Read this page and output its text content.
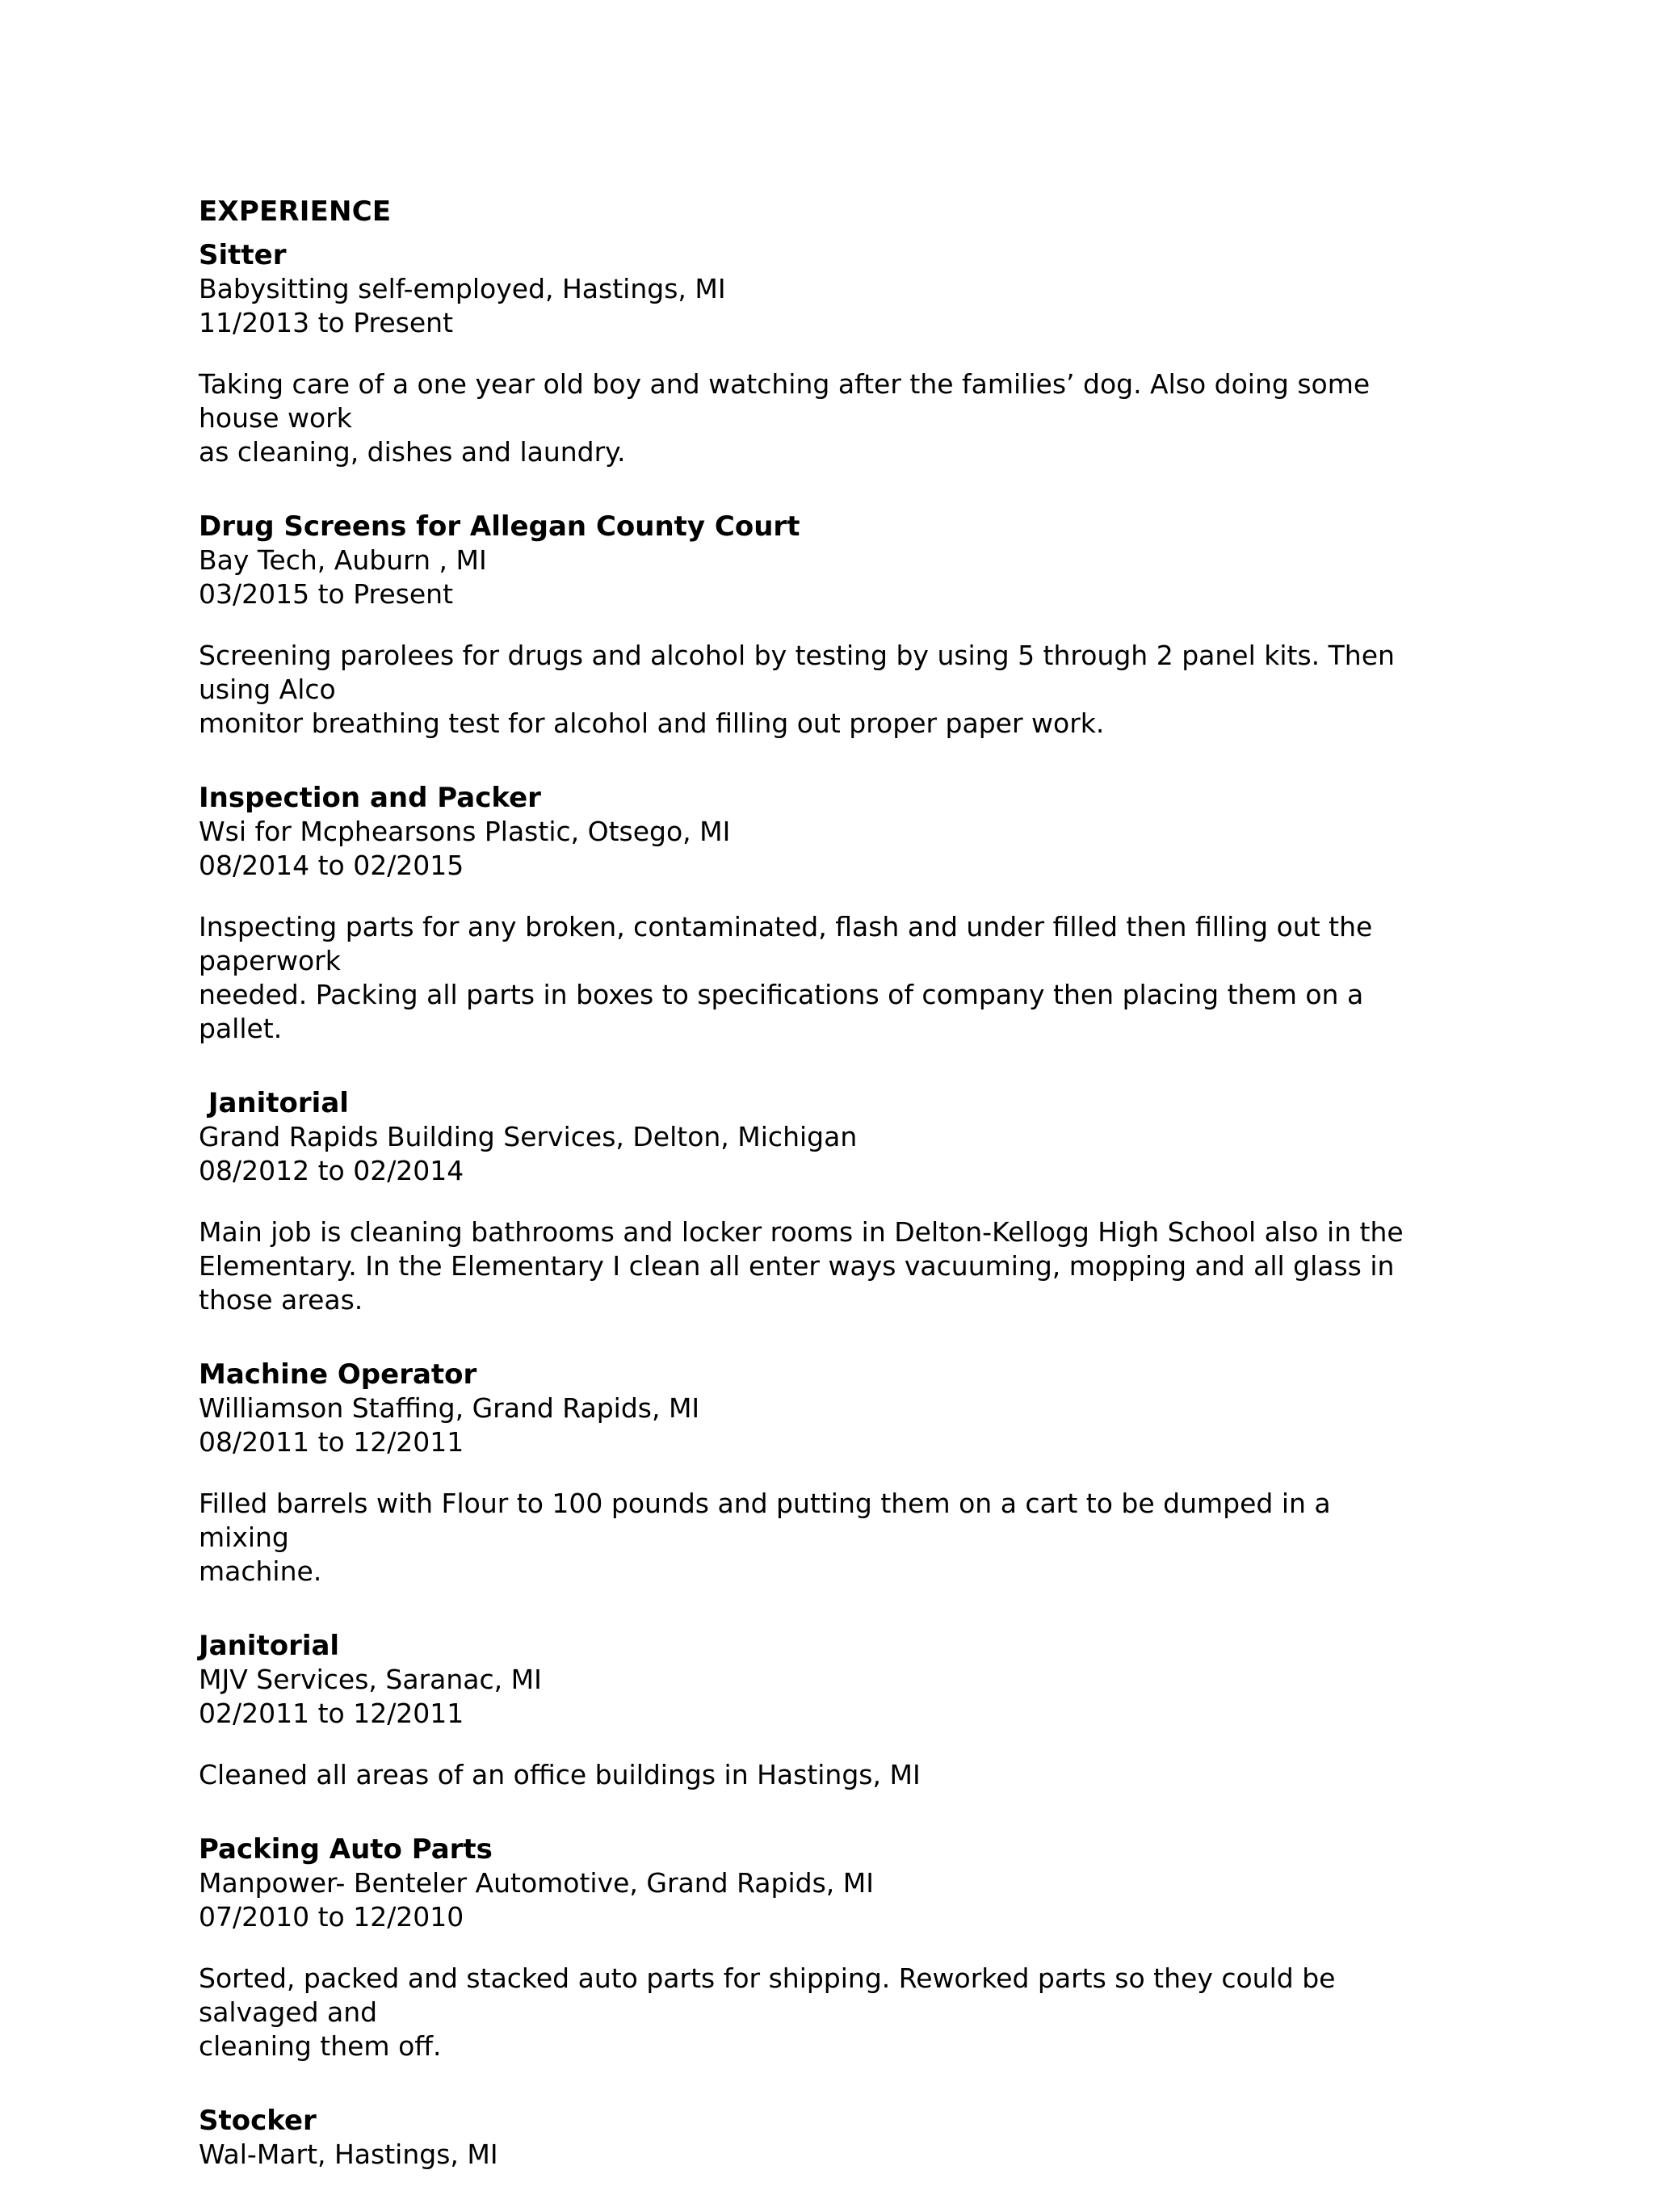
EXPERIENCE
Sitter
Babysitting self-employed, Hastings, MI
11/2013 to Present
Taking care of a one year old boy and watching after the families’ dog. Also doing some house work
as cleaning, dishes and laundry.
Drug Screens for Allegan County Court
Bay Tech, Auburn , MI
03/2015 to Present
Screening parolees for drugs and alcohol by testing by using 5 through 2 panel kits. Then using Alco
monitor breathing test for alcohol and filling out proper paper work.
Inspection and Packer
Wsi for Mcphearsons Plastic, Otsego, MI
08/2014 to 02/2015
Inspecting parts for any broken, contaminated, flash and under filled then filling out the paperwork
needed. Packing all parts in boxes to specifications of company then placing them on a pallet.
Janitorial
Grand Rapids Building Services, Delton, Michigan
08/2012 to 02/2014
Main job is cleaning bathrooms and locker rooms in Delton-Kellogg High School also in the
Elementary. In the Elementary I clean all enter ways vacuuming, mopping and all glass in those areas.
Machine Operator
Williamson Staffing, Grand Rapids, MI
08/2011 to 12/2011
Filled barrels with Flour to 100 pounds and putting them on a cart to be dumped in a mixing
machine.
Janitorial
MJV Services, Saranac, MI
02/2011 to 12/2011
Cleaned all areas of an office buildings in Hastings, MI
Packing Auto Parts
Manpower- Benteler Automotive, Grand Rapids, MI
07/2010 to 12/2010
Sorted, packed and stacked auto parts for shipping. Reworked parts so they could be salvaged and
cleaning them off.
Stocker
Wal-Mart, Hastings, MI
